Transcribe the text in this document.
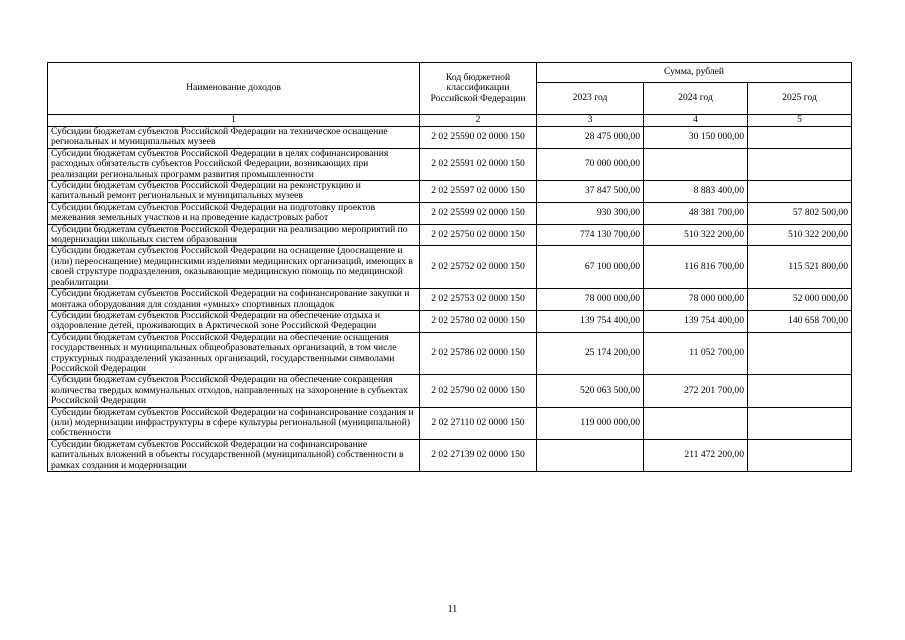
Наименование доходов	Код бюджетной классификации Российской Федерации	Сумма, рублей		
		2023 год	2024 год	2025 год
1	2	3	4	5
Субсидии бюджетам субъектов Российской Федерации на техническое оснащение региональных и муниципальных музеев	2 02 25590 02 0000 150	28 475 000,00	30 150 000,00	
Субсидии бюджетам субъектов Российской Федерации в целях софинансирования расходных обязательств субъектов Российской Федерации, возникающих при реализации региональных программ развития промышленности	2 02 25591 02 0000 150	70 000 000,00		
Субсидии бюджетам субъектов Российской Федерации на реконструкцию и капитальный ремонт региональных и муниципальных музеев	2 02 25597 02 0000 150	37 847 500,00	8 883 400,00	
Субсидии бюджетам субъектов Российской Федерации на подготовку проектов межевания земельных участков и на проведение кадастровых работ	2 02 25599 02 0000 150	930 300,00	48 381 700,00	57 802 500,00
Субсидии бюджетам субъектов Российской Федерации на реализацию мероприятий по модернизации школьных систем образования	2 02 25750 02 0000 150	774 130 700,00	510 322 200,00	510 322 200,00
Субсидии бюджетам субъектов Российской Федерации на оснащение (дооснащение и (или) переоснащение) медицинскими изделиями медицинских организаций, имеющих в своей структуре подразделения, оказывающие медицинскую помощь по медицинской реабилитации	2 02 25752 02 0000 150	67 100 000,00	116 816 700,00	115 521 800,00
Субсидии бюджетам субъектов Российской Федерации на софинансирование закупки и монтажа оборудования для создания «умных» спортивных площадок	2 02 25753 02 0000 150	78 000 000,00	78 000 000,00	52 000 000,00
Субсидии бюджетам субъектов Российской Федерации на обеспечение отдыха и оздоровление детей, проживающих в Арктической зоне Российской Федерации	2 02 25780 02 0000 150	139 754 400,00	139 754 400,00	140 658 700,00
Субсидии бюджетам субъектов Российской Федерации на обеспечение оснащения государственных и муниципальных общеобразовательных организаций, в том числе структурных подразделений указанных организаций, государственными символами Российской Федерации	2 02 25786 02 0000 150	25 174 200,00	11 052 700,00	
Субсидии бюджетам субъектов Российской Федерации на обеспечение сокращения количества твердых коммунальных отходов, направленных на захоронение в субъектах Российской Федерации	2 02 25790 02 0000 150	520 063 500,00	272 201 700,00	
Субсидии бюджетам субъектов Российской Федерации на софинансирование создания и (или) модернизации инфраструктуры в сфере культуры региональной (муниципальной) собственности	2 02 27110 02 0000 150	119 000 000,00		
Субсидии бюджетам субъектов Российской Федерации на софинансирование капитальных вложений в объекты государственной (муниципальной) собственности в рамках создания и модернизации	2 02 27139 02 0000 150		211 472 200,00	
11
